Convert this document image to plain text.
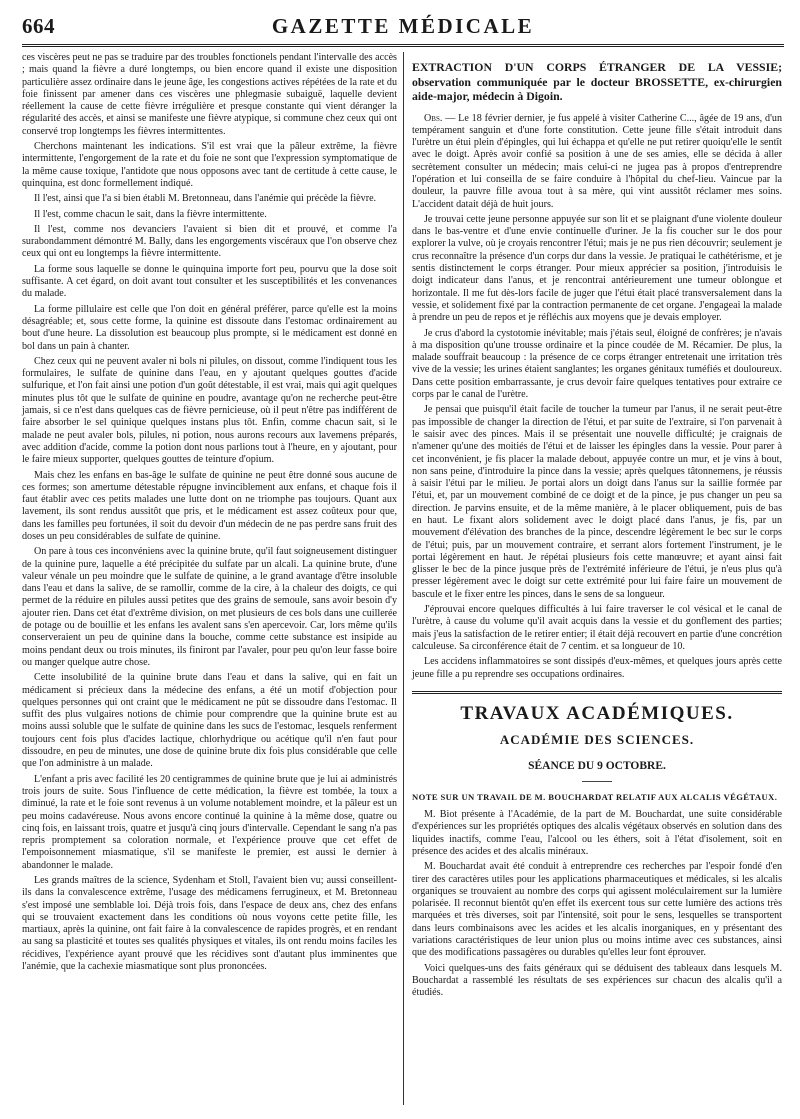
664	GAZETTE MÉDICALE

ces viscères peut ne pas se traduire par des troubles fonctionels pendant l'intervalle des accès ; mais quand la fièvre a duré longtemps, ou bien encore quand il existe une disposition particulière assez ordinaire dans le jeune âge, les congestions actives répétées de la rate et du foie finissent par amener dans ces viscères une phlegmasie subaiguë, laquelle devient réellement la cause de cette fièvre irrégulière et presque constante qui vient déranger la régularité des accès, et ainsi se manifeste une fièvre atypique, si commune chez ceux qui ont conservé trop longtemps les fièvres intermittentes.

Cherchons maintenant les indications. S'il est vrai que la pâleur extrême, la fièvre intermittente, l'engorgement de la rate et du foie ne sont que l'expression symptomatique de la même cause toxique, l'antidote que nous opposons avec tant de certitude à cette cause, le quinquina, est donc formellement indiqué.

Il l'est, ainsi que l'a si bien établi M. Bretonneau, dans l'anémie qui précède la fièvre.

Il l'est, comme chacun le sait, dans la fièvre intermittente.

Il l'est, comme nos devanciers l'avaient si bien dit et prouvé, et comme l'a surabondamment démontré M. Bally, dans les engorgements viscéraux que l'on observe chez ceux qui ont eu longtemps la fièvre intermittente.

La forme sous laquelle se donne le quinquina importe fort peu, pourvu que la dose soit suffisante. A cet égard, on doit avant tout consulter et les susceptibilités et les convenances du malade.

La forme pillulaire est celle que l'on doit en général préférer, parce qu'elle est la moins désagréable; et, sous cette forme, la quinine est dissoute dans l'estomac ordinairement au bout d'une heure. La dissolution est beaucoup plus prompte, si le médicament est donné en bol dans un pain à chanter.

Chez ceux qui ne peuvent avaler ni bols ni pilules, on dissout, comme l'indiquent tous les formulaires, le sulfate de quinine dans l'eau, en y ajoutant quelques gouttes d'acide sulfurique, et l'on fait ainsi une potion d'un goût détestable, il est vrai, mais qui agit quelques minutes plus tôt que le sulfate de quinine en poudre, avantage qu'on ne recherche peut-être jamais, si ce n'est dans quelques cas de fièvre pernicieuse, où il peut n'être pas indifférent de faire absorber le sel quinique quelques instans plus tôt. Enfin, comme chacun sait, si le malade ne peut avaler bols, pilules, ni potion, nous aurons recours aux lavemens préparés, avec addition d'acide, comme la potion dont nous parlions tout à l'heure, en y ajoutant, pour le faire mieux supporter, quelques gouttes de teinture d'opium.

Mais chez les enfans en bas-âge le sulfate de quinine ne peut être donné sous aucune de ces formes; son amertume détestable répugne invinciblement aux enfans, et chaque fois il faut établir avec ces petits malades une lutte dont on ne triomphe pas toujours. Quant aux lavement, ils sont rendus aussitôt que pris, et le médicament est assez coûteux pour que, dans les familles peu fortunées, il soit du devoir d'un médecin de ne pas perdre sans fruit des doses un peu considérables de sulfate de quinine.

On pare à tous ces inconvéniens avec la quinine brute, qu'il faut soigneusement distinguer de la quinine pure, laquelle a été précipitée du sulfate par un alcali. La quinine brute, d'une valeur vénale un peu moindre que le sulfate de quinine, a le grand avantage d'être insoluble dans l'eau et dans la salive, de se ramollir, comme de la cire, à la chaleur des doigts, ce qui permet de la réduire en pilules aussi petites que des grains de semoule, sans avoir besoin d'y ajouter rien. Dans cet état d'extrême division, on met plusieurs de ces bols dans une cuillerée de potage ou de bouillie et les enfans les avalent sans s'en apercevoir. Car, lors même qu'ils conserveraient un peu de quinine dans la bouche, comme cette substance est insipide au moins pendant deux ou trois minutes, ils finiront par l'avaler, pour peu qu'on leur fasse boire ou manger quelque autre chose.

Cette insolubilité de la quinine brute dans l'eau et dans la salive, qui en fait un médicament si précieux dans la médecine des enfans, a été un motif d'objection pour quelques personnes qui ont craint que le médicament ne pût se dissoudre dans l'estomac. Il suffit des plus vulgaires notions de chimie pour comprendre que la quinine brute est au moins aussi soluble que le sulfate de quinine dans les sucs de l'estomac, lesquels renferment toujours cent fois plus d'acides lactique, chlorhydrique ou acétique qu'il n'en faut pour dissoudre, en peu de minutes, une dose de quinine brute dix fois plus considérable que celle que l'on administre à un malade.

L'enfant a pris avec facilité les 20 centigrammes de quinine brute que je lui ai administrés trois jours de suite. Sous l'influence de cette médication, la fièvre est tombée, la toux a diminué, la rate et le foie sont revenus à un volume notablement moindre, et la pâleur est un peu moins cadavéreuse. Nous avons encore continué la quinine à la même dose, quatre ou cinq fois, en laissant trois, quatre et jusqu'à cinq jours d'intervalle. Cependant le sang n'a pas repris promptement sa coloration normale, et l'expérience prouve que cet effet de l'empoisonnement miasmatique, s'il se manifeste le premier, est aussi le dernier à abandonner le malade.

Les grands maîtres de la science, Sydenham et Stoll, l'avaient bien vu; aussi conseillent-ils dans la convalescence extrême, l'usage des médicamens ferrugineux, et M. Bretonneau s'est imposé une semblable loi. Déjà trois fois, dans l'espace de deux ans, chez des enfans qui se trouvaient exactement dans les conditions où nous voyons cette petite fille, les martiaux, après la quinine, ont fait faire à la convalescence de rapides progrès, et en rendant au sang sa plasticité et toutes ses qualités physiques et vitales, ils ont rendu moins faciles les récidives, l'expérience ayant prouvé que les récidives sont d'autant plus imminentes que l'anémie, que la cachexie miasmatique sont plus prononcées.

EXTRACTION D'UN CORPS ÉTRANGER DE LA VESSIE; observation communiquée par le docteur BROSSETTE, ex-chirurgien aide-major, médecin à Digoin.

Obs. — Le 18 février dernier, je fus appelé à visiter Catherine C..., âgée de 19 ans, d'un tempérament sanguin et d'une forte constitution. Cette jeune fille s'était introduit dans l'urètre un étui plein d'épingles, qui lui échappa et qu'elle ne put retirer quoiqu'elle le sentît avec le doigt. Après avoir confié sa position à une de ses amies, elle se décida à aller secrètement consulter un médecin; mais celui-ci ne jugea pas à propos d'entreprendre l'opération et lui conseilla de se faire conduire à l'hôpital du chef-lieu. Vaincue par la douleur, la pauvre fille avoua tout à sa mère, qui vint aussitôt réclamer mes soins. L'accident datait déjà de huit jours.

Je trouvai cette jeune personne appuyée sur son lit et se plaignant d'une violente douleur dans le bas-ventre et d'une envie continuelle d'uriner. Je la fis coucher sur le dos pour explorer la vulve, où je croyais rencontrer l'étui; mais je ne pus rien découvrir; seulement je crus reconnaître la présence d'un corps dur dans la vessie. Je pratiquai le cathétérisme, et je sentis distinctement le corps étranger. Pour mieux apprécier sa position, j'introduisis le doigt indicateur dans l'anus, et je rencontrai antérieurement une tumeur oblongue et horizontale. Il me fut dès-lors facile de juger que l'étui était placé transversalement dans la vessie, et solidement fixé par la contraction permanente de cet organe. J'engageai la malade à prendre un peu de repos et je réfléchis aux moyens que je devais employer.

Je crus d'abord la cystotomie inévitable; mais j'étais seul, éloigné de confrères; je n'avais à ma disposition qu'une trousse ordinaire et la pince coudée de M. Récamier. De plus, la malade souffrait beaucoup : la présence de ce corps étranger entretenait une irritation très vive de la vessie; les urines étaient sanglantes; les organes génitaux tuméfiés et douloureux. Dans cette position embarrassante, je crus devoir faire quelques tentatives pour extraire ce corps par le canal de l'urètre.

Je pensai que puisqu'il était facile de toucher la tumeur par l'anus, il ne serait peut-être pas impossible de changer la direction de l'étui, et par suite de l'extraire, si l'on parvenait à le saisir avec des pinces. Mais il se présentait une nouvelle difficulté; je craignais de n'amener qu'une des moitiés de l'étui et de laisser les épingles dans la vessie. Pour parer à cet inconvénient, je fis placer la malade debout, appuyée contre un mur, et je vins à bout, non sans peine, d'introduire la pince dans la vessie; après quelques tâtonnemens, je réussis à saisir l'étui par le milieu. Je portai alors un doigt dans l'anus sur la saillie formée par l'étui, et, par un mouvement combiné de ce doigt et de la pince, je pus changer un peu sa direction. Je parvins ensuite, et de la même manière, à le placer obliquement, puis de bas en haut. Le fixant alors solidement avec le doigt placé dans l'anus, je fis, par un mouvement d'élévation des branches de la pince, descendre légèrement le bec sur le corps de l'étui; puis, par un mouvement contraire, et serrant alors fortement l'instrument, je le portai légèrement en haut. Je répétai plusieurs fois cette manœuvre; et ayant ainsi fait glisser le bec de la pince jusque près de l'extrémité inférieure de l'étui, je n'eus plus qu'à presser légèrement avec le doigt sur cette extrémité pour lui faire faire un mouvement de bascule et le fixer entre les pinces, dans le sens de sa longueur.

J'éprouvai encore quelques difficultés à lui faire traverser le col vésical et le canal de l'urètre, à cause du volume qu'il avait acquis dans la vessie et du gonflement des parties; mais j'eus la satisfaction de le retirer entier; il était déjà recouvert en partie d'une concrétion calculeuse. Sa circonférence était de 7 centim. et sa longueur de 10.

Les accidens inflammatoires se sont dissipés d'eux-mêmes, et quelques jours après cette jeune fille a pu reprendre ses occupations ordinaires.

TRAVAUX ACADÉMIQUES.
ACADÉMIE DES SCIENCES.
SÉANCE DU 9 OCTOBRE.
NOTE SUR UN TRAVAIL DE M. BOUCHARDAT RELATIF AUX ALCALIS VÉGÉTAUX.

M. Biot présente à l'Académie, de la part de M. Bouchardat, une suite considérable d'expériences sur les propriétés optiques des alcalis végétaux observés en solution dans des liquides inactifs, comme l'eau, l'alcool ou les éthers, soit à l'état d'isolement, soit en présence des acides et des alcalis minéraux.

M. Bouchardat avait été conduit à entreprendre ces recherches par l'espoir fondé d'en tirer des caractères utiles pour les applications pharmaceutiques et médicales, si les alcalis organiques se trouvaient au nombre des corps qui agissent moléculairement sur la lumière polarisée. Il reconnut bientôt qu'en effet ils exercent tous sur cette lumière des actions très marquées et très diverses, soit par l'intensité, soit pour le sens, lesquelles se transportent dans leurs combinaisons avec les acides et les alcalis inorganiques, en y présentant des variations caractéristiques de leur union plus ou moins intime avec ces substances, ainsi que des modifications passagères ou durables qu'elles leur font éprouver.

Voici quelques-uns des faits généraux qui se déduisent des tableaux dans lesquels M. Bouchardat a rassemblé les résultats de ses expériences sur chacun des alcalis qu'il a étudiés.
